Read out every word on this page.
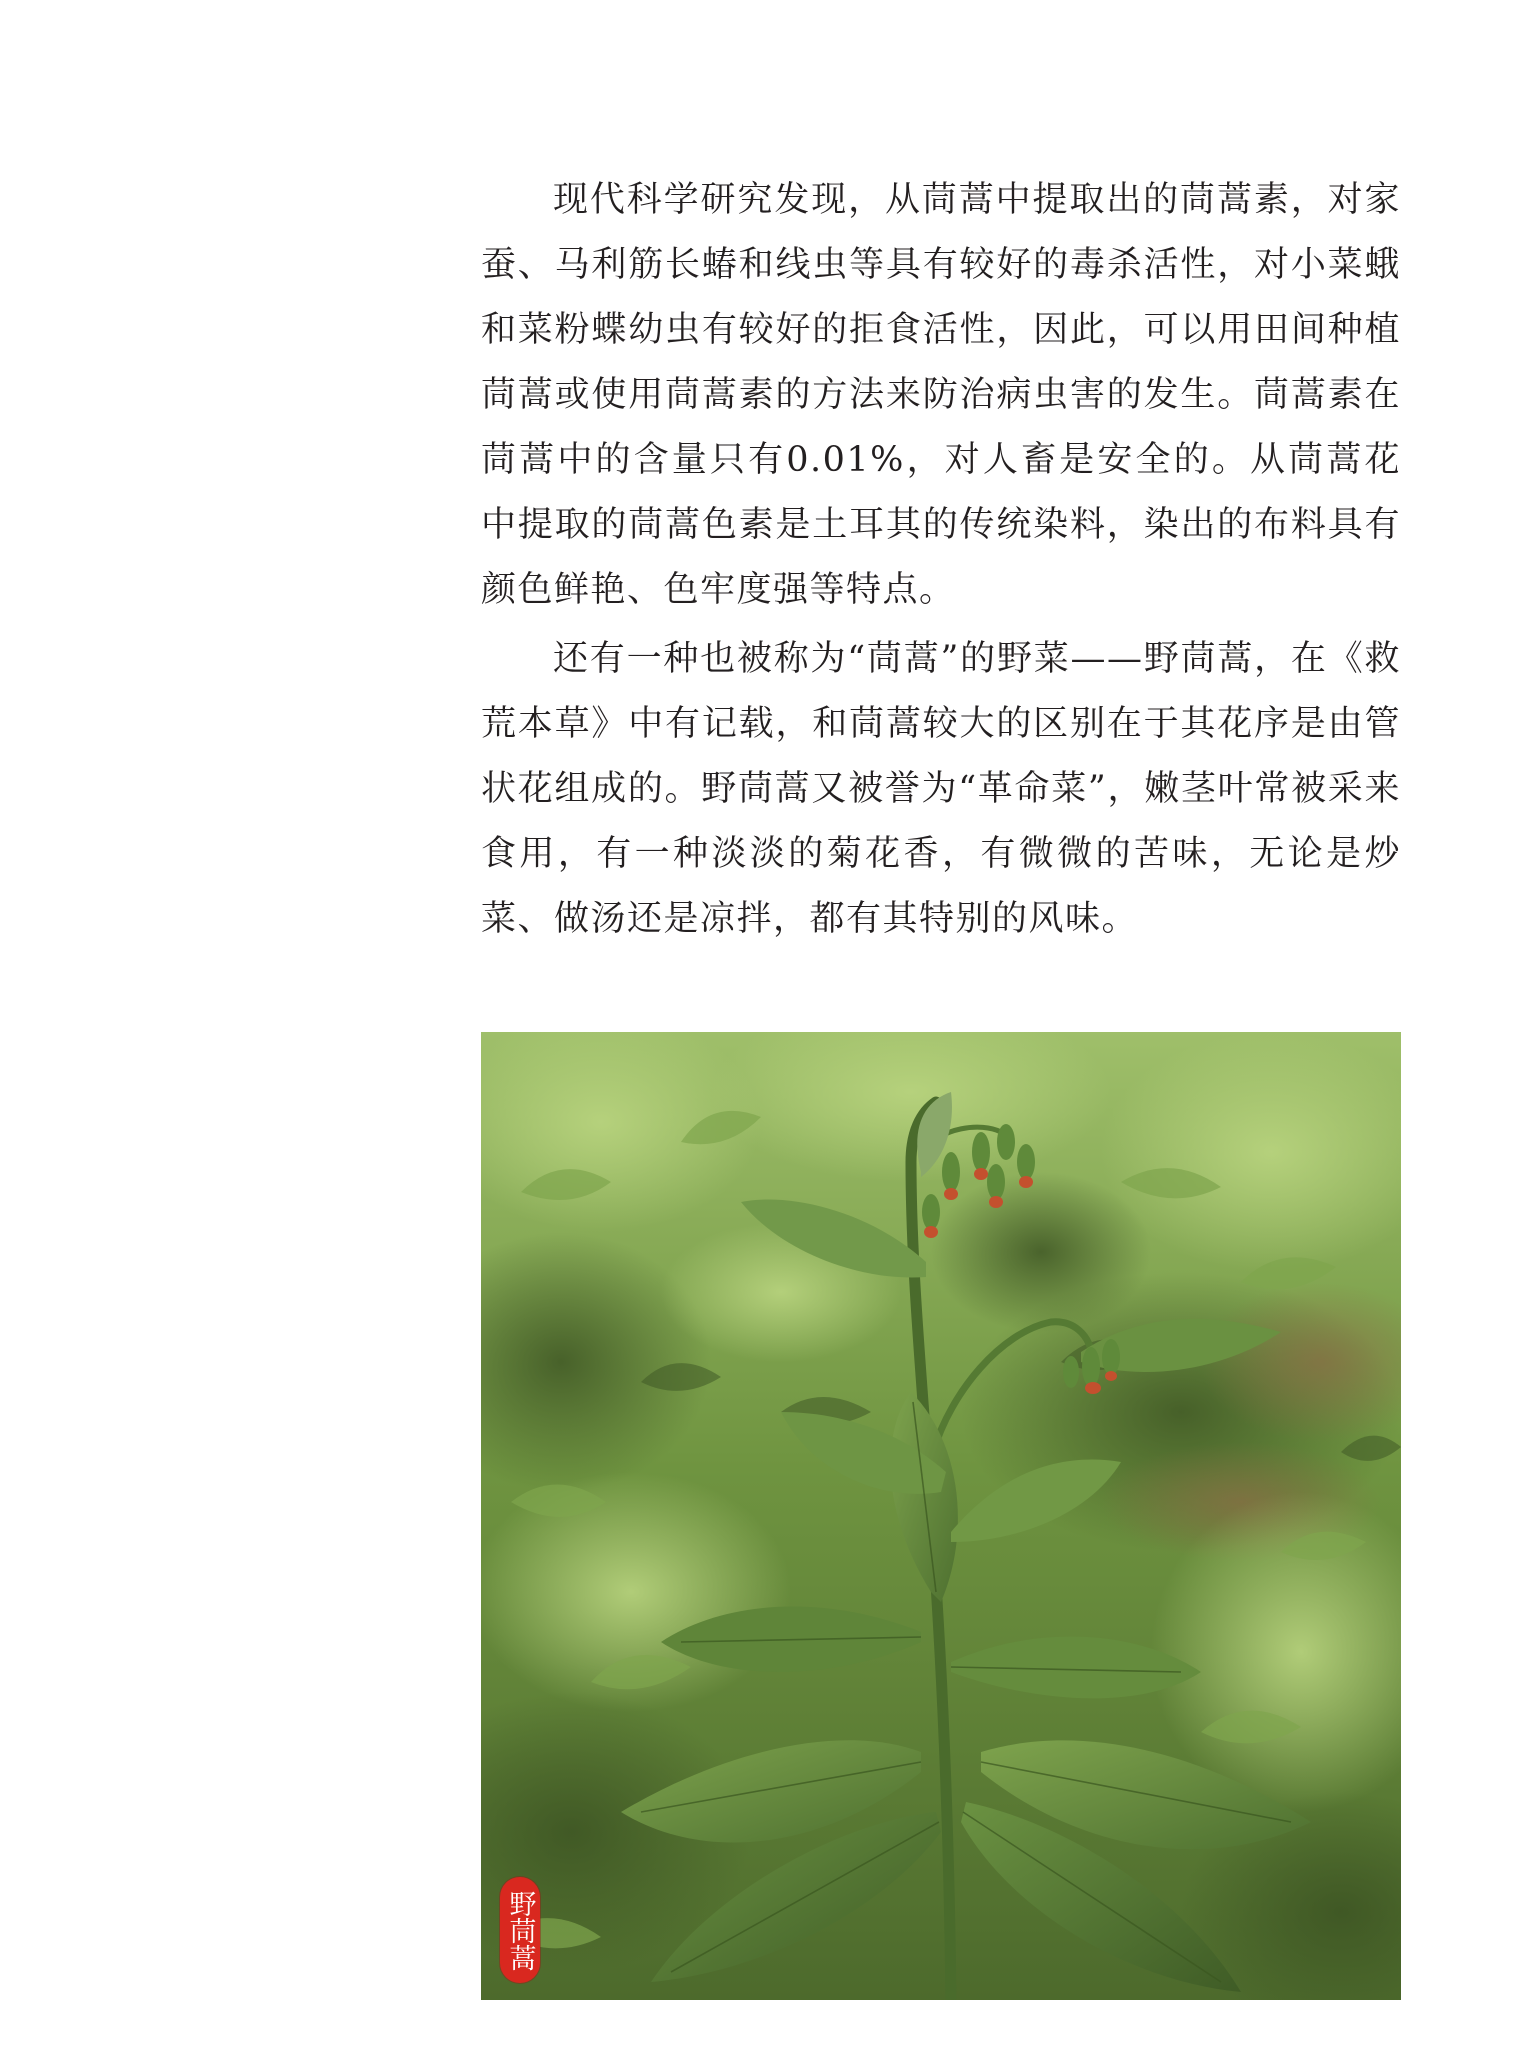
现代科学研究发现，从茼蒿中提取出的茼蒿素，对家蚕、马利筋长蝽和线虫等具有较好的毒杀活性，对小菜蛾和菜粉蝶幼虫有较好的拒食活性，因此，可以用田间种植茼蒿或使用茼蒿素的方法来防治病虫害的发生。茼蒿素在茼蒿中的含量只有0.01%，对人畜是安全的。从茼蒿花中提取的茼蒿色素是土耳其的传统染料，染出的布料具有颜色鲜艳、色牢度强等特点。

还有一种也被称为“茼蒿”的野菜——野茼蒿，在《救荒本草》中有记载，和茼蒿较大的区别在于其花序是由管状花组成的。野茼蒿又被誉为“革命菜”，嫩茎叶常被采来食用，有一种淡淡的菊花香，有微微的苦味，无论是炒菜、做汤还是凉拌，都有其特别的风味。

野茼蒿
